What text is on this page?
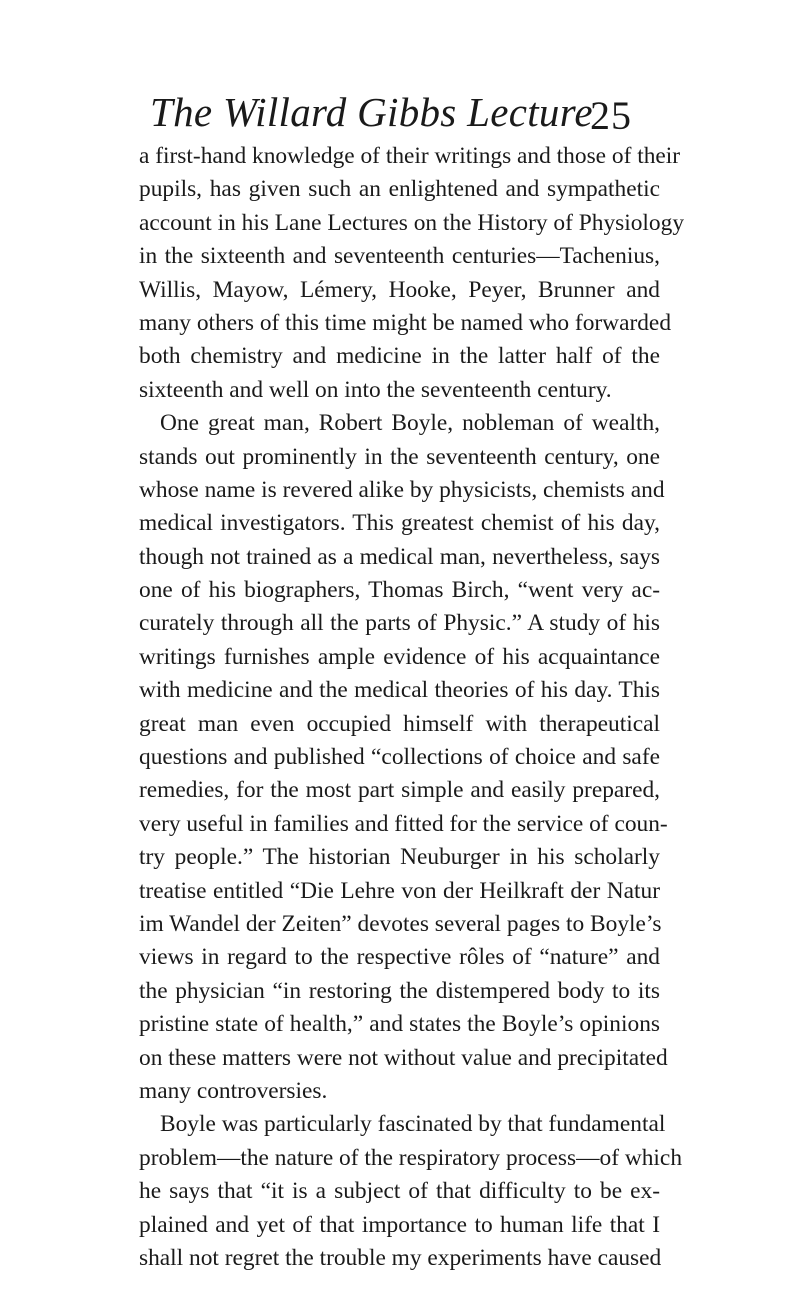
The Willard Gibbs Lecture
25
a first-hand knowledge of their writings and those of their
pupils, has given such an enlightened and sympathetic
account in his Lane Lectures on the History of Physiology
in the sixteenth and seventeenth centuries—Tachenius,
Willis, Mayow, Lémery, Hooke, Peyer, Brunner and
many others of this time might be named who forwarded
both chemistry and medicine in the latter half of the
sixteenth and well on into the seventeenth century.
One great man, Robert Boyle, nobleman of wealth,
stands out prominently in the seventeenth century, one
whose name is revered alike by physicists, chemists and
medical investigators. This greatest chemist of his day,
though not trained as a medical man, nevertheless, says
one of his biographers, Thomas Birch, “went very ac-
curately through all the parts of Physic.” A study of his
writings furnishes ample evidence of his acquaintance
with medicine and the medical theories of his day. This
great man even occupied himself with therapeutical
questions and published “collections of choice and safe
remedies, for the most part simple and easily prepared,
very useful in families and fitted for the service of coun-
try people.” The historian Neuburger in his scholarly
treatise entitled “Die Lehre von der Heilkraft der Natur
im Wandel der Zeiten” devotes several pages to Boyle’s
views in regard to the respective rôles of “nature” and
the physician “in restoring the distempered body to its
pristine state of health,” and states the Boyle’s opinions
on these matters were not without value and precipitated
many controversies.
Boyle was particularly fascinated by that fundamental
problem—the nature of the respiratory process—of which
he says that “it is a subject of that difficulty to be ex-
plained and yet of that importance to human life that I
shall not regret the trouble my experiments have caused
